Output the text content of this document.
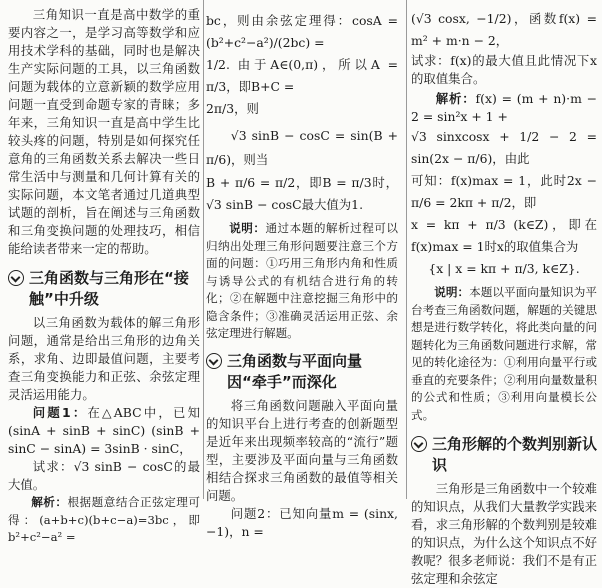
三角知识一直是高中数学的重要内容之一，是学习高等数学和应用技术学科的基础，同时也是解决生产实际问题的工具，以三角函数问题为载体的立意新颖的数学应用问题一直受到命题专家的青睐；多年来，三角知识一直是高中学生比较头疼的问题，特别是如何探究任意角的三角函数关系去解决一些日常生活中与测量和几何计算有关的实际问题，本文笔者通过几道典型试题的剖析，旨在阐述与三角函数和三角变换问题的处理技巧，相信能给读者带来一定的帮助。

三角函数与三角形在“接触”中升级

以三角函数为载体的解三角形问题，通常是给出三角形的边角关系，求角、边即最值问题，主要考查三角变换能力和正弦、余弦定理灵活运用能力。

问题1：在△ABC中，已知 (sinA + sinB + sinC) (sinB + sinC − sinA) = 3sinB · sinC，

试求：√3 sinB − cosC的最大值。

解析：根据题意结合正弦定理可得：(a+b+c)(b+c−a)=3bc，即b²+c²−a² =

bc，则由余弦定理得：cosA = (b²+c²−a²)/(2bc) =

1/2. 由于A∈(0,π)，所以A = π/3，即B+C =

2π/3，则

√3 sinB − cosC = sin(B + π/6)，则当

B + π/6 = π/2，即B = π/3时，√3 sinB − cosC最大值为1.

说明：通过本题的解析过程可以归纳出处理三角形问题要注意三个方面的问题：①巧用三角形内角和性质与诱导公式的有机结合进行角的转化；②在解题中注意挖掘三角形中的隐含条件；③准确灵活运用正弦、余弦定理进行解题。

三角函数与平面向量因“牵手”而深化

将三角函数问题融入平面向量的知识平台上进行考查的创新题型是近年来出现频率较高的“流行”题型，主要涉及平面向量与三角函数相结合探求三角函数的最值等相关问题。

问题2：已知向量m = (sinx, −1)，n =

(√3 cosx, −1/2)，函数f(x) = m² + m·n − 2，

试求：f(x)的最大值且此情况下x的取值集合。

解析：f(x) = (m + n)·m − 2 = sin²x + 1 +

√3 sinxcosx + 1/2 − 2 = sin(2x − π/6)，由此

可知：f(x)max = 1，此时2x − π/6 = 2kπ + π/2，即

x = kπ + π/3 (k∈Z)，即在f(x)max = 1时x的取值集合为

{x | x = kπ + π/3, k∈Z}.

说明：本题以平面向量知识为平台考查三角函数问题，解题的关键思想是进行数学转化，将此类向量的问题转化为三角函数问题进行求解，常见的转化途径为：①利用向量平行或垂直的充要条件；②利用向量数量积的公式和性质；③利用向量模长公式。

三角形解的个数判别新认识

三角形是三角函数中一个较难的知识点，从我们大量教学实践来看，求三角形解的个数判别是较难的知识点，为什么这个知识点不好教呢？很多老师说：我们不是有正弦定理和余弦定
